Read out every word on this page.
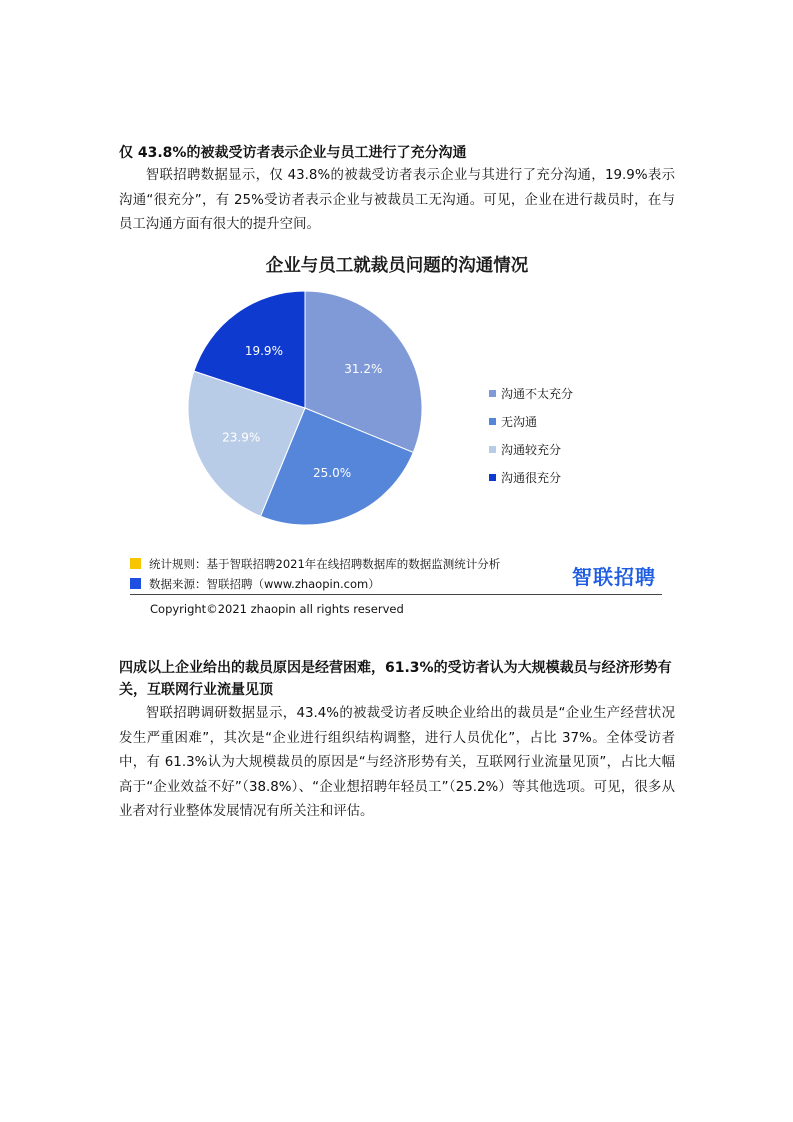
仅 43.8%的被裁受访者表示企业与员工进行了充分沟通

智联招聘数据显示，仅 43.8%的被裁受访者表示企业与其进行了充分沟通，19.9%表示沟通“很充分”，有 25%受访者表示企业与被裁员工无沟通。可见，企业在进行裁员时，在与员工沟通方面有很大的提升空间。

企业与员工就裁员问题的沟通情况
31.2%
25.0%
23.9%
19.9%
沟通不太充分
无沟通
沟通较充分
沟通很充分
统计规则：基于智联招聘2021年在线招聘数据库的数据监测统计分析
数据来源：智联招聘（www.zhaopin.com）	智联招聘
Copyright©2021 zhaopin all rights reserved

四成以上企业给出的裁员原因是经营困难，61.3%的受访者认为大规模裁员与经济形势有关，互联网行业流量见顶

智联招聘调研数据显示，43.4%的被裁受访者反映企业给出的裁员是“企业生产经营状况发生严重困难”，其次是“企业进行组织结构调整，进行人员优化”，占比 37%。全体受访者中，有 61.3%认为大规模裁员的原因是“与经济形势有关，互联网行业流量见顶”，占比大幅高于“企业效益不好”（38.8%）、“企业想招聘年轻员工”（25.2%）等其他选项。可见，很多从业者对行业整体发展情况有所关注和评估。
